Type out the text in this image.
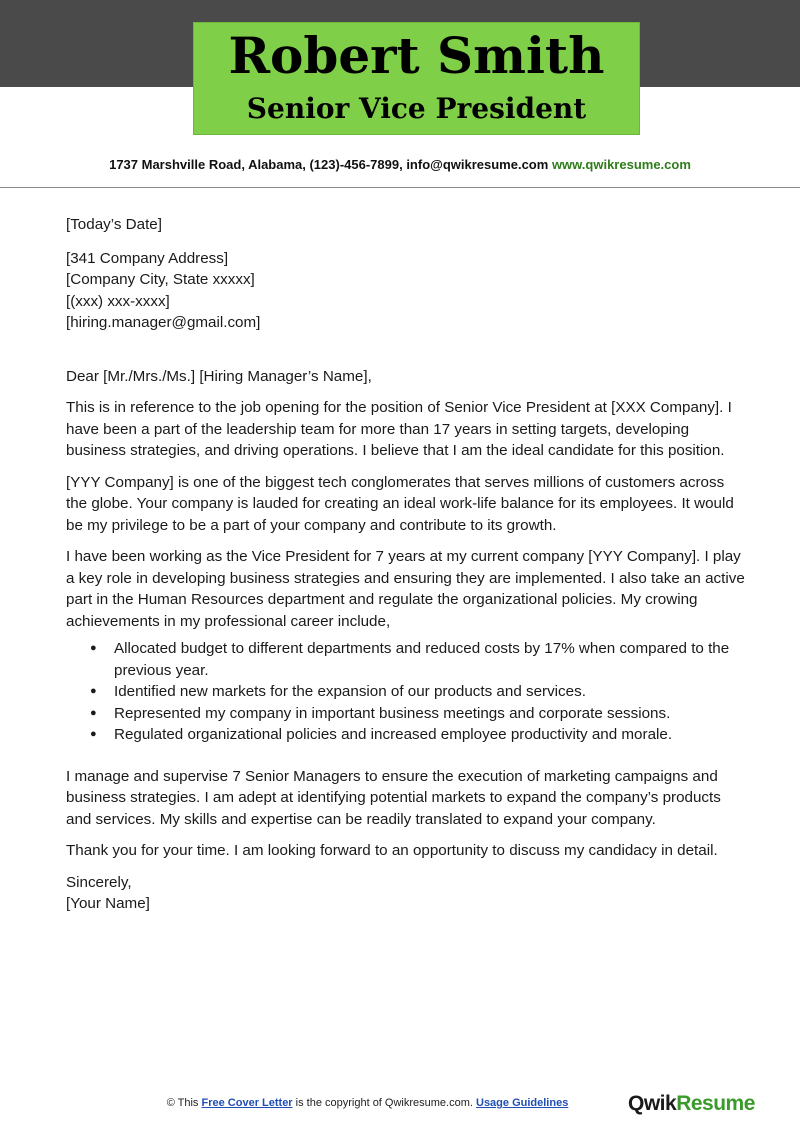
Robert Smith
Senior Vice President
1737 Marshville Road, Alabama, (123)-456-7899, info@qwikresume.com www.qwikresume.com

[Today’s Date]

[341 Company Address]

[Company City, State xxxxx]

[(xxx) xxx-xxxx]

[hiring.manager@gmail.com]

Dear [Mr./Mrs./Ms.] [Hiring Manager’s Name],

This is in reference to the job opening for the position of Senior Vice President at [XXX Company]. I have been a part of the leadership team for more than 17 years in setting targets, developing business strategies, and driving operations. I believe that I am the ideal candidate for this position.

[YYY Company] is one of the biggest tech conglomerates that serves millions of customers across the globe. Your company is lauded for creating an ideal work-life balance for its employees. It would be my privilege to be a part of your company and contribute to its growth.

I have been working as the Vice President for 7 years at my current company [YYY Company]. I play a key role in developing business strategies and ensuring they are implemented. I also take an active part in the Human Resources department and regulate the organizational policies. My crowing achievements in my professional career include,

● Allocated budget to different departments and reduced costs by 17% when compared to the previous year.
● Identified new markets for the expansion of our products and services.
● Represented my company in important business meetings and corporate sessions.
● Regulated organizational policies and increased employee productivity and morale.

I manage and supervise 7 Senior Managers to ensure the execution of marketing campaigns and business strategies. I am adept at identifying potential markets to expand the company’s products and services. My skills and expertise can be readily translated to expand your company.

Thank you for your time. I am looking forward to an opportunity to discuss my candidacy in detail.

Sincerely,

[Your Name]

© This Free Cover Letter is the copyright of Qwikresume.com. Usage Guidelines	QwikResume
